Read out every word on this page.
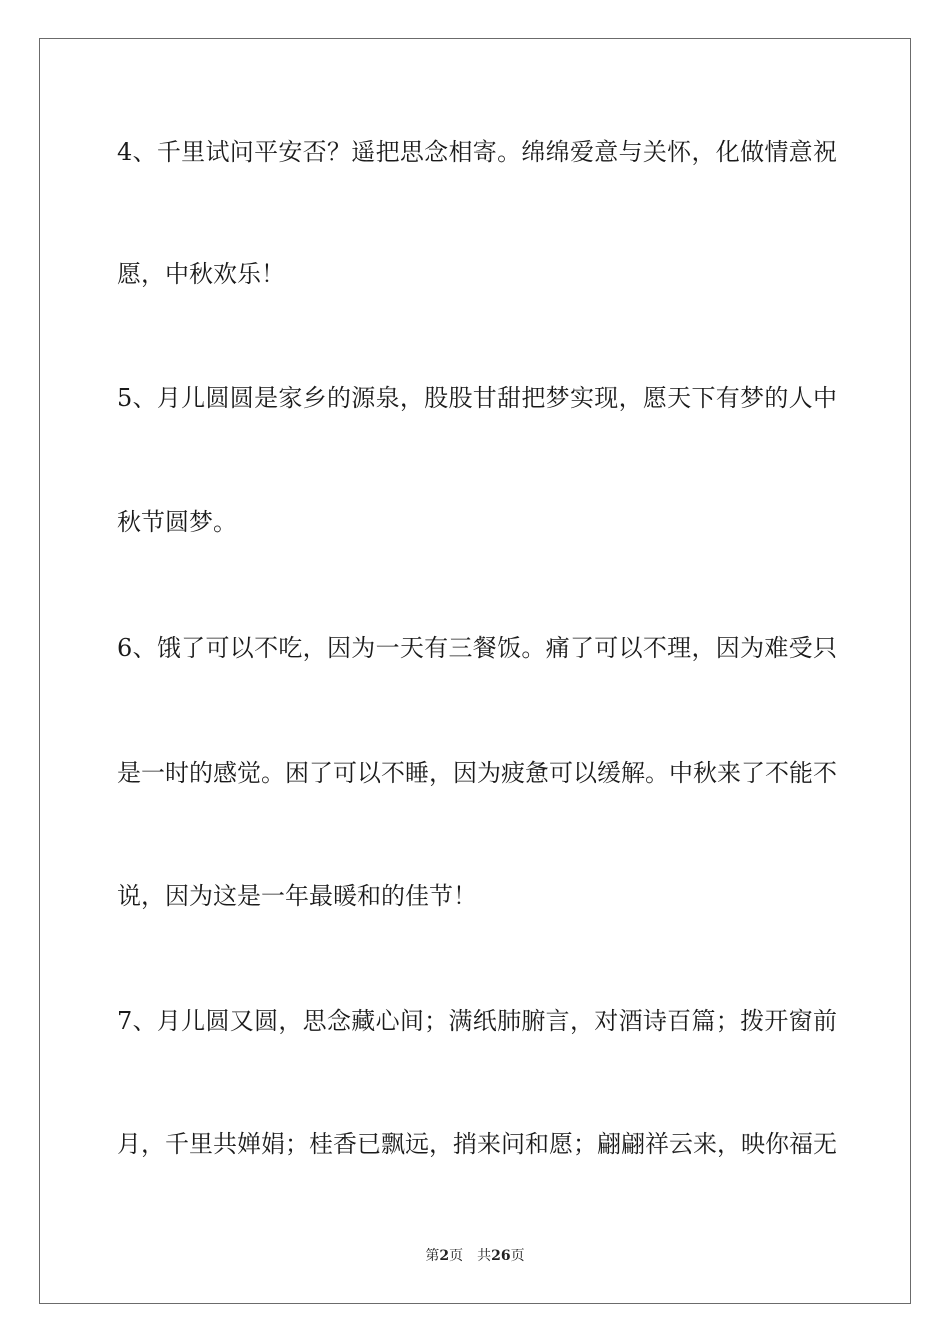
4、千里试问平安否？遥把思念相寄。绵绵爱意与关怀，化做情意祝
愿，中秋欢乐！
5、月儿圆圆是家乡的源泉，股股甘甜把梦实现，愿天下有梦的人中
秋节圆梦。
6、饿了可以不吃，因为一天有三餐饭。痛了可以不理，因为难受只
是一时的感觉。困了可以不睡，因为疲惫可以缓解。中秋来了不能不
说，因为这是一年最暖和的佳节！
7、月儿圆又圆，思念藏心间；满纸肺腑言，对酒诗百篇；拨开窗前
月，千里共婵娟；桂香已飘远，捎来问和愿；翩翩祥云来，映你福无
第2页 共26页
